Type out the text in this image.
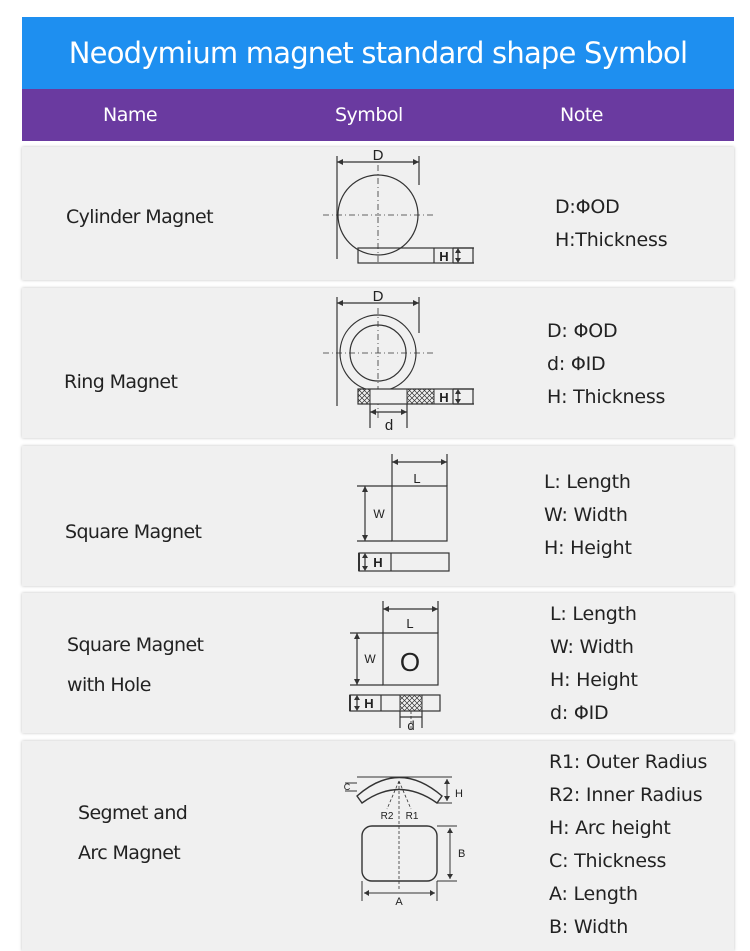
Neodymium magnet standard shape Symbol
Name	Symbol	Note
Cylinder Magnet
D
H
D:ΦOD
H:Thickness
Ring Magnet
D
H
d
D: ΦOD
d: ΦID
H: Thickness
Square Magnet
L
W
H
L: Length
W: Width
H: Height
Square Magnet
with Hole
L
W O
H
d
L: Length
W: Width
H: Height
d: ΦID
Segmet and
Arc Magnet
C
H
R2 R1
B
A
R1: Outer Radius
R2: Inner Radius
H: Arc height
C: Thickness
A: Length
B: Width
